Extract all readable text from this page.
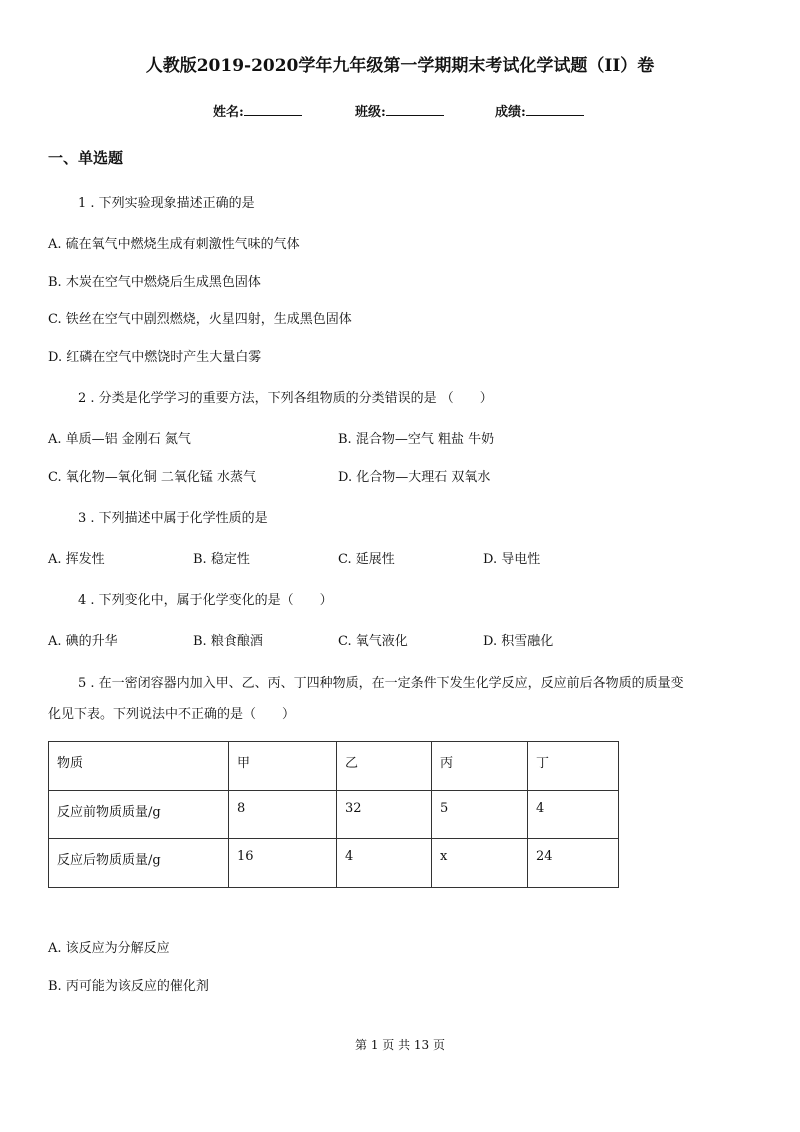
人教版2019-2020学年九年级第一学期期末考试化学试题（II）卷
姓名:	班级:	成绩:
一、单选题
1 . 下列实验现象描述正确的是
A. 硫在氧气中燃烧生成有刺激性气味的气体
B. 木炭在空气中燃烧后生成黑色固体
C. 铁丝在空气中剧烈燃烧，火星四射，生成黑色固体
D. 红磷在空气中燃饶时产生大量白雾
2 . 分类是化学学习的重要方法，下列各组物质的分类错误的是 （　　）
A. 单质—铝 金刚石 氮气	B. 混合物—空气 粗盐 牛奶
C. 氧化物—氧化铜 二氧化锰 水蒸气	D. 化合物—大理石 双氧水
3 . 下列描述中属于化学性质的是
A. 挥发性	B. 稳定性	C. 延展性	D. 导电性
4 . 下列变化中，属于化学变化的是（　　）
A. 碘的升华	B. 粮食酿酒	C. 氧气液化	D. 积雪融化
5 . 在一密闭容器内加入甲、乙、丙、丁四种物质，在一定条件下发生化学反应，反应前后各物质的质量变
化见下表。下列说法中不正确的是（　　）
物质	甲	乙	丙	丁
反应前物质质量/g	8	32	5	4
反应后物质质量/g	16	4	x	24
A. 该反应为分解反应
B. 丙可能为该反应的催化剂
第 1 页 共 13 页
